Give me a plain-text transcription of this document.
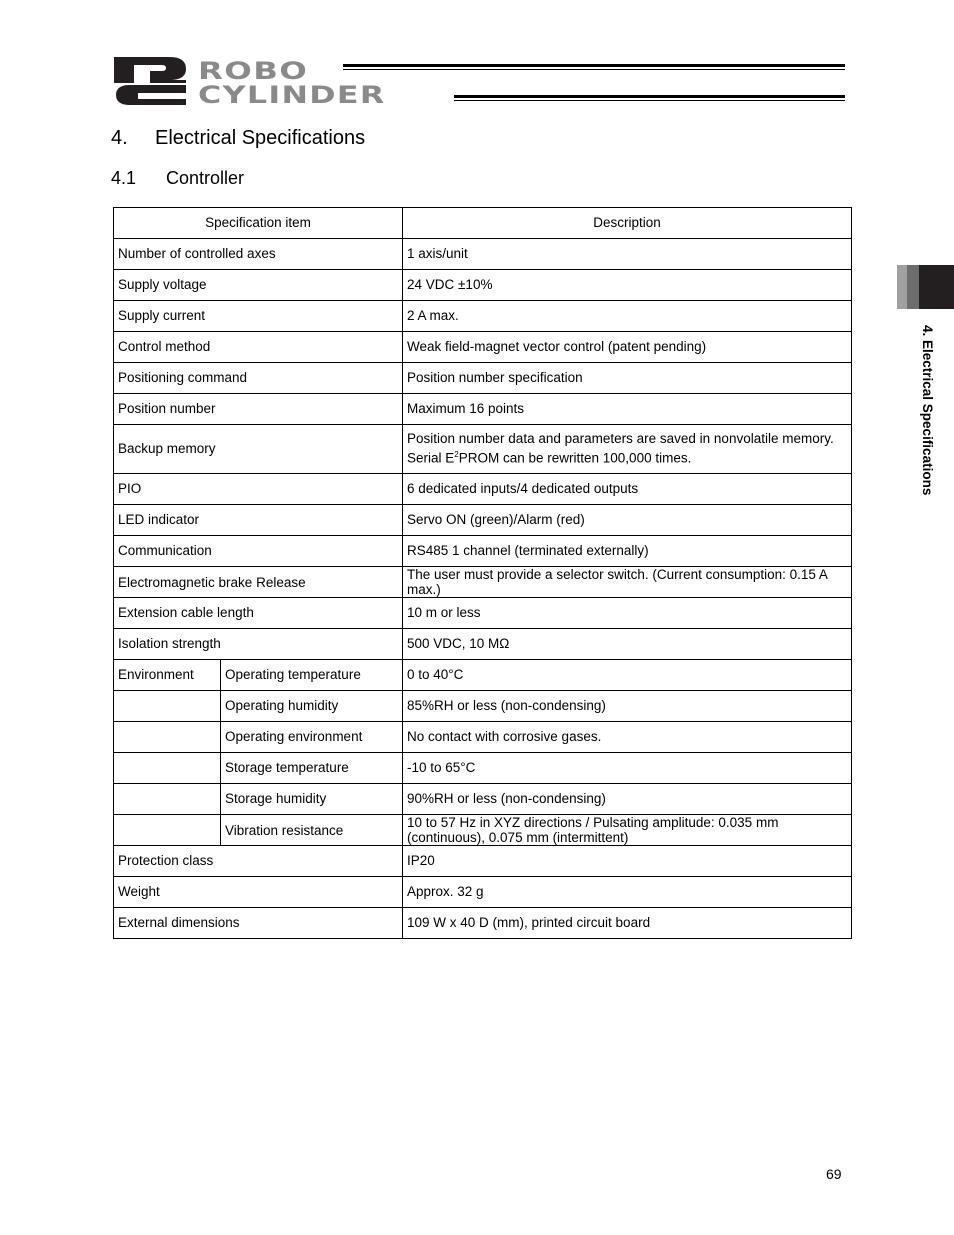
ROBO
CYLINDER
4. Electrical Specifications
4.1 Controller
Specification item		Description
Number of controlled axes		1 axis/unit
Supply voltage		24 VDC ±10%
Supply current		2 A max.
Control method		Weak field-magnet vector control (patent pending)
Positioning command		Position number specification
Position number		Maximum 16 points
Backup memory		Position number data and parameters are saved in nonvolatile memory.
Serial $E^2PROM$ can be rewritten 100,000 times.
PIO		6 dedicated inputs/4 dedicated outputs
LED indicator		Servo ON (green)/Alarm (red)
Communication		RS485 1 channel (terminated externally)
Electromagnetic brake Release		The user must provide a selector switch. (Current consumption: 0.15 A max.)
Extension cable length		10 m or less
Isolation strength		500 VDC, 10 MΩ
Environment	Operating temperature	0 to 40°C
	Operating humidity	85%RH or less (non-condensing)
	Operating environment	No contact with corrosive gases.
	Storage temperature	-10 to 65°C
	Storage humidity	90%RH or less (non-condensing)
	Vibration resistance	10 to 57 Hz in XYZ directions / Pulsating amplitude: 0.035 mm (continuous), 0.075 mm (intermittent)
Protection class		IP20
Weight		Approx. 32 g
External dimensions		109 W x 40 D (mm), printed circuit board
4. Electrical Specifications
69
